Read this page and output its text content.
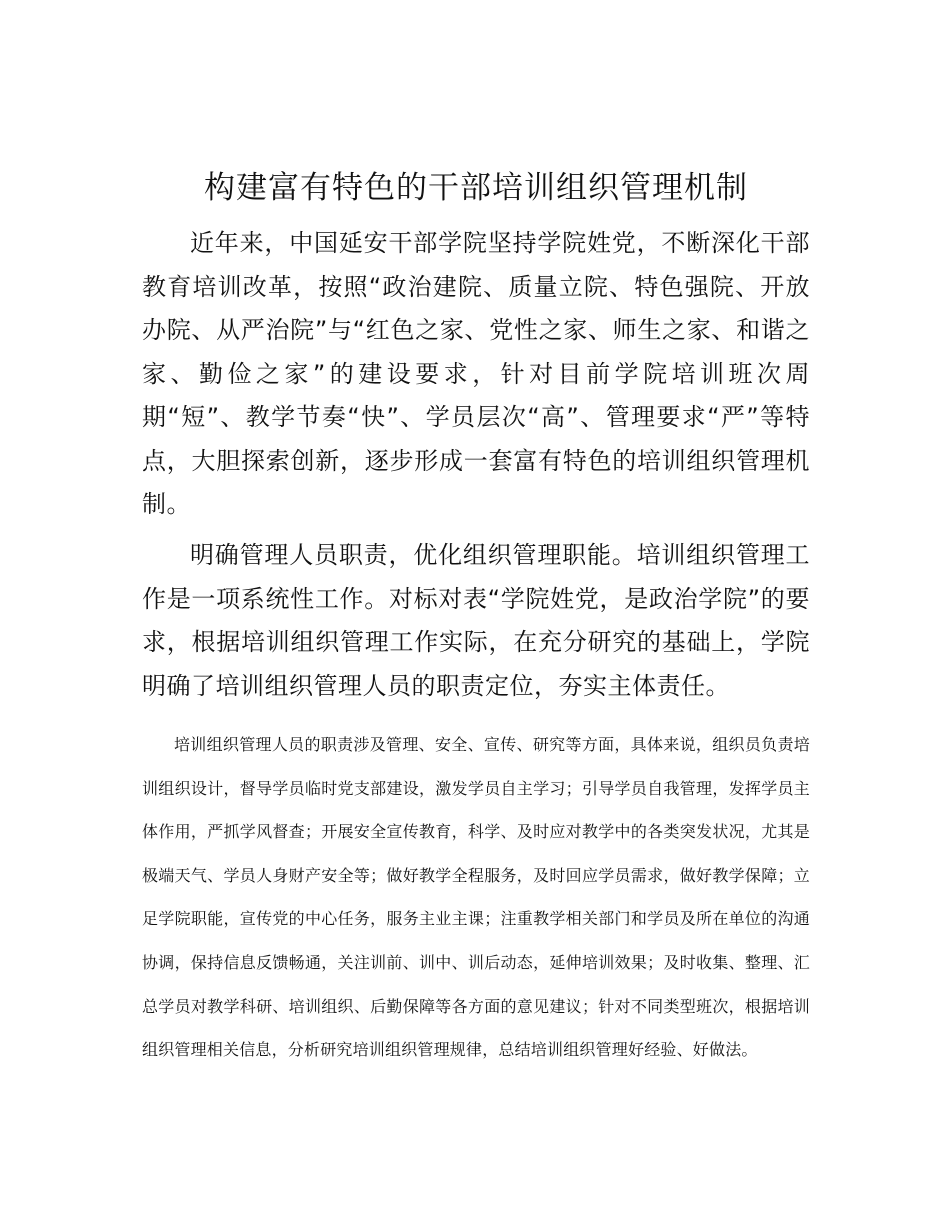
构建富有特色的干部培训组织管理机制

近年来，中国延安干部学院坚持学院姓党，不断深化干部教育培训改革，按照“政治建院、质量立院、特色强院、开放办院、从严治院”与“红色之家、党性之家、师生之家、和谐之家、勤俭之家”的建设要求，针对目前学院培训班次周期“短”、教学节奏“快”、学员层次“高”、管理要求“严”等特点，大胆探索创新，逐步形成一套富有特色的培训组织管理机制。

明确管理人员职责，优化组织管理职能。培训组织管理工作是一项系统性工作。对标对表“学院姓党，是政治学院”的要求，根据培训组织管理工作实际，在充分研究的基础上，学院明确了培训组织管理人员的职责定位，夯实主体责任。

培训组织管理人员的职责涉及管理、安全、宣传、研究等方面，具体来说，组织员负责培训组织设计，督导学员临时党支部建设，激发学员自主学习；引导学员自我管理，发挥学员主体作用，严抓学风督查；开展安全宣传教育，科学、及时应对教学中的各类突发状况，尤其是极端天气、学员人身财产安全等；做好教学全程服务，及时回应学员需求，做好教学保障；立足学院职能，宣传党的中心任务，服务主业主课；注重教学相关部门和学员及所在单位的沟通协调，保持信息反馈畅通，关注训前、训中、训后动态，延伸培训效果；及时收集、整理、汇总学员对教学科研、培训组织、后勤保障等各方面的意见建议；针对不同类型班次，根据培训组织管理相关信息，分析研究培训组织管理规律，总结培训组织管理好经验、好做法。
